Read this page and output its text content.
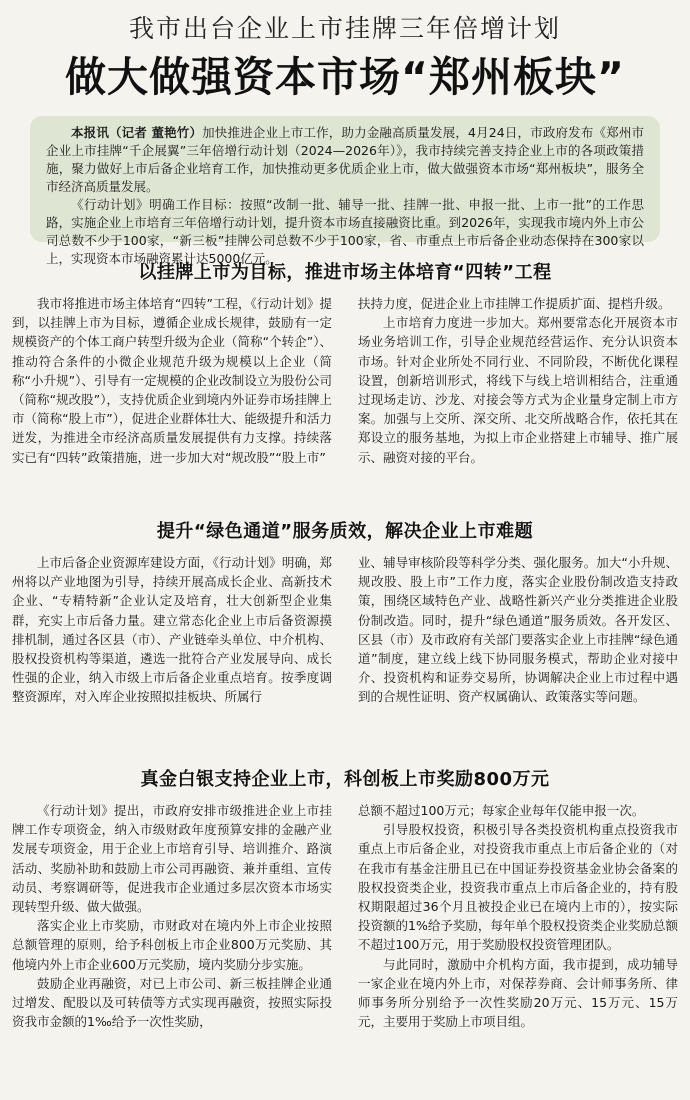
我市出台企业上市挂牌三年倍增计划
做大做强资本市场“郑州板块”

本报讯（记者 董艳竹）加快推进企业上市工作，助力金融高质量发展，4月24日，市政府发布《郑州市企业上市挂牌“千企展翼”三年倍增行动计划（2024—2026年）》，我市持续完善支持企业上市的各项政策措施，聚力做好上市后备企业培育工作，加快推动更多优质企业上市，做大做强资本市场“郑州板块”，服务全市经济高质量发展。

《行动计划》明确工作目标：按照“改制一批、辅导一批、挂牌一批、申报一批、上市一批”的工作思路，实施企业上市培育三年倍增行动计划，提升资本市场直接融资比重。到2026年，实现我市境内外上市公司总数不少于100家，“新三板”挂牌公司总数不少于100家，省、市重点上市后备企业动态保持在300家以上，实现资本市场融资累计达5000亿元。

以挂牌上市为目标，推进市场主体培育“四转”工程

我市将推进市场主体培育“四转”工程，《行动计划》提到，以挂牌上市为目标，遵循企业成长规律，鼓励有一定规模资产的个体工商户转型升级为企业（简称“个转企”）、推动符合条件的小微企业规范升级为规模以上企业（简称“小升规”）、引导有一定规模的企业改制设立为股份公司（简称“规改股”），支持优质企业到境内外证券市场挂牌上市（简称“股上市”），促进企业群体壮大、能级提升和活力迸发，为推进全市经济高质量发展提供有力支撑。持续落实已有“四转”政策措施，进一步加大对“规改股”“股上市”

扶持力度，促进企业上市挂牌工作提质扩面、提档升级。

上市培育力度进一步加大。郑州要常态化开展资本市场业务培训工作，引导企业规范经营运作、充分认识资本市场。针对企业所处不同行业、不同阶段，不断优化课程设置，创新培训形式，将线下与线上培训相结合，注重通过现场走访、沙龙、对接会等方式为企业量身定制上市方案。加强与上交所、深交所、北交所战略合作，依托其在郑设立的服务基地，为拟上市企业搭建上市辅导、推广展示、融资对接的平台。

提升“绿色通道”服务质效，解决企业上市难题

上市后备企业资源库建设方面，《行动计划》明确，郑州将以产业地图为引导，持续开展高成长企业、高新技术企业、“专精特新”企业认定及培育，壮大创新型企业集群，充实上市后备力量。建立常态化企业上市后备资源摸排机制，通过各区县（市）、产业链牵头单位、中介机构、股权投资机构等渠道，遴选一批符合产业发展导向、成长性强的企业，纳入市级上市后备企业重点培育。按季度调整资源库，对入库企业按照拟挂板块、所属行

业、辅导审核阶段等科学分类、强化服务。加大“小升规、规改股、股上市”工作力度，落实企业股份制改造支持政策，围绕区域特色产业、战略性新兴产业分类推进企业股份制改造。同时，提升“绿色通道”服务质效。各开发区、区县（市）及市政府有关部门要落实企业上市挂牌“绿色通道”制度，建立线上线下协同服务模式，帮助企业对接中介、投资机构和证券交易所，协调解决企业上市过程中遇到的合规性证明、资产权属确认、政策落实等问题。

真金白银支持企业上市，科创板上市奖励800万元

《行动计划》提出，市政府安排市级推进企业上市挂牌工作专项资金，纳入市级财政年度预算安排的金融产业发展专项资金，用于企业上市培育引导、培训推介、路演活动、奖励补助和鼓励上市公司再融资、兼并重组、宣传动员、考察调研等，促进我市企业通过多层次资本市场实现转型升级、做大做强。

落实企业上市奖励，市财政对在境内外上市企业按照总额管理的原则，给予科创板上市企业800万元奖励、其他境内外上市企业600万元奖励，境内奖励分步实施。

鼓励企业再融资，对已上市公司、新三板挂牌企业通过增发、配股以及可转债等方式实现再融资，按照实际投资我市金额的1‰给予一次性奖励，

总额不超过100万元；每家企业每年仅能申报一次。

引导股权投资，积极引导各类投资机构重点投资我市重点上市后备企业，对投资我市重点上市后备企业的（对在我市有基金注册且已在中国证券投资基金业协会备案的股权投资类企业，投资我市重点上市后备企业的，持有股权期限超过36个月且被投企业已在境内上市的），按实际投资额的1%给予奖励，每年单个股权投资类企业奖励总额不超过100万元，用于奖励股权投资管理团队。

与此同时，激励中介机构方面，我市提到，成功辅导一家企业在境内外上市，对保荐券商、会计师事务所、律师事务所分别给予一次性奖励20万元、15万元、15万元，主要用于奖励上市项目组。
